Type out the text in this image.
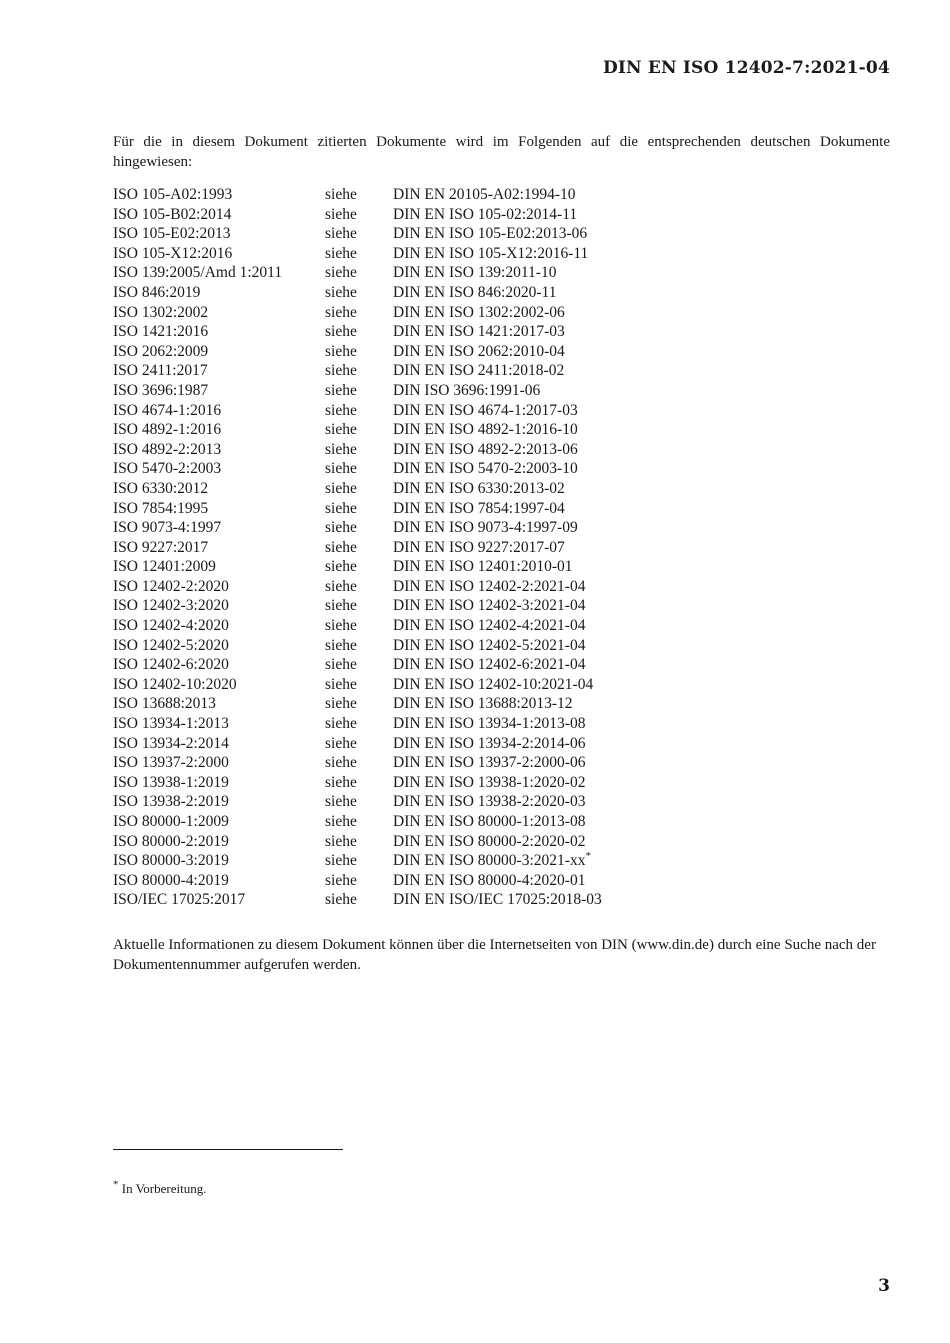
DIN EN ISO 12402-7:2021-04

Für die in diesem Dokument zitierten Dokumente wird im Folgenden auf die entsprechenden deutschen Dokumente hingewiesen:

ISO 105-A02:1993	siehe	DIN EN 20105-A02:1994-10
ISO 105-B02:2014	siehe	DIN EN ISO 105-02:2014-11
ISO 105-E02:2013	siehe	DIN EN ISO 105-E02:2013-06
ISO 105-X12:2016	siehe	DIN EN ISO 105-X12:2016-11
ISO 139:2005/Amd 1:2011	siehe	DIN EN ISO 139:2011-10
ISO 846:2019	siehe	DIN EN ISO 846:2020-11
ISO 1302:2002	siehe	DIN EN ISO 1302:2002-06
ISO 1421:2016	siehe	DIN EN ISO 1421:2017-03
ISO 2062:2009	siehe	DIN EN ISO 2062:2010-04
ISO 2411:2017	siehe	DIN EN ISO 2411:2018-02
ISO 3696:1987	siehe	DIN ISO 3696:1991-06
ISO 4674-1:2016	siehe	DIN EN ISO 4674-1:2017-03
ISO 4892-1:2016	siehe	DIN EN ISO 4892-1:2016-10
ISO 4892-2:2013	siehe	DIN EN ISO 4892-2:2013-06
ISO 5470-2:2003	siehe	DIN EN ISO 5470-2:2003-10
ISO 6330:2012	siehe	DIN EN ISO 6330:2013-02
ISO 7854:1995	siehe	DIN EN ISO 7854:1997-04
ISO 9073-4:1997	siehe	DIN EN ISO 9073-4:1997-09
ISO 9227:2017	siehe	DIN EN ISO 9227:2017-07
ISO 12401:2009	siehe	DIN EN ISO 12401:2010-01
ISO 12402-2:2020	siehe	DIN EN ISO 12402-2:2021-04
ISO 12402-3:2020	siehe	DIN EN ISO 12402-3:2021-04
ISO 12402-4:2020	siehe	DIN EN ISO 12402-4:2021-04
ISO 12402-5:2020	siehe	DIN EN ISO 12402-5:2021-04
ISO 12402-6:2020	siehe	DIN EN ISO 12402-6:2021-04
ISO 12402-10:2020	siehe	DIN EN ISO 12402-10:2021-04
ISO 13688:2013	siehe	DIN EN ISO 13688:2013-12
ISO 13934-1:2013	siehe	DIN EN ISO 13934-1:2013-08
ISO 13934-2:2014	siehe	DIN EN ISO 13934-2:2014-06
ISO 13937-2:2000	siehe	DIN EN ISO 13937-2:2000-06
ISO 13938-1:2019	siehe	DIN EN ISO 13938-1:2020-02
ISO 13938-2:2019	siehe	DIN EN ISO 13938-2:2020-03
ISO 80000-1:2009	siehe	DIN EN ISO 80000-1:2013-08
ISO 80000-2:2019	siehe	DIN EN ISO 80000-2:2020-02
ISO 80000-3:2019	siehe	DIN EN ISO 80000-3:2021-xx*
ISO 80000-4:2019	siehe	DIN EN ISO 80000-4:2020-01
ISO/IEC 17025:2017	siehe	DIN EN ISO/IEC 17025:2018-03

Aktuelle Informationen zu diesem Dokument können über die Internetseiten von DIN (www.din.de) durch eine Suche nach der Dokumentennummer aufgerufen werden.

* In Vorbereitung.
3
